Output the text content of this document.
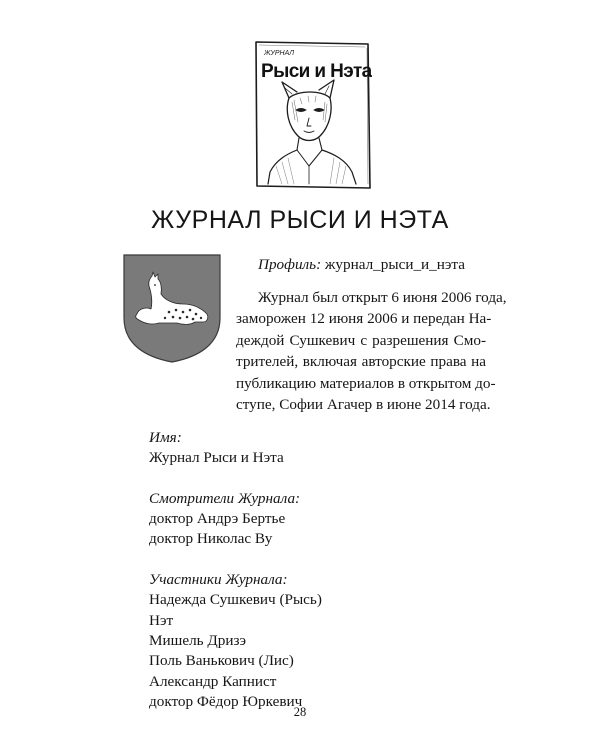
ЖУРНАЛ
Рыси и Нэта
ЖУРНАЛ РЫСИ И НЭТА
Профиль: журнал_рыси_и_нэта
Журнал был открыт 6 июня 2006 года,
заморожен 12 июня 2006 и передан На-
деждой Сушкевич с разрешения Смо-
трителей, включая авторские права на
публикацию материалов в открытом до-
ступе, Софии Агачер в июне 2014 года.
Имя:
Журнал Рыси и Нэта
Смотрители Журнала:
доктор Андрэ Бертье
доктор Николас Ву
Участники Журнала:
Надежда Сушкевич (Рысь)
Нэт
Мишель Дризэ
Поль Ванькович (Лис)
Александр Капнист
доктор Фёдор Юркевич
28
